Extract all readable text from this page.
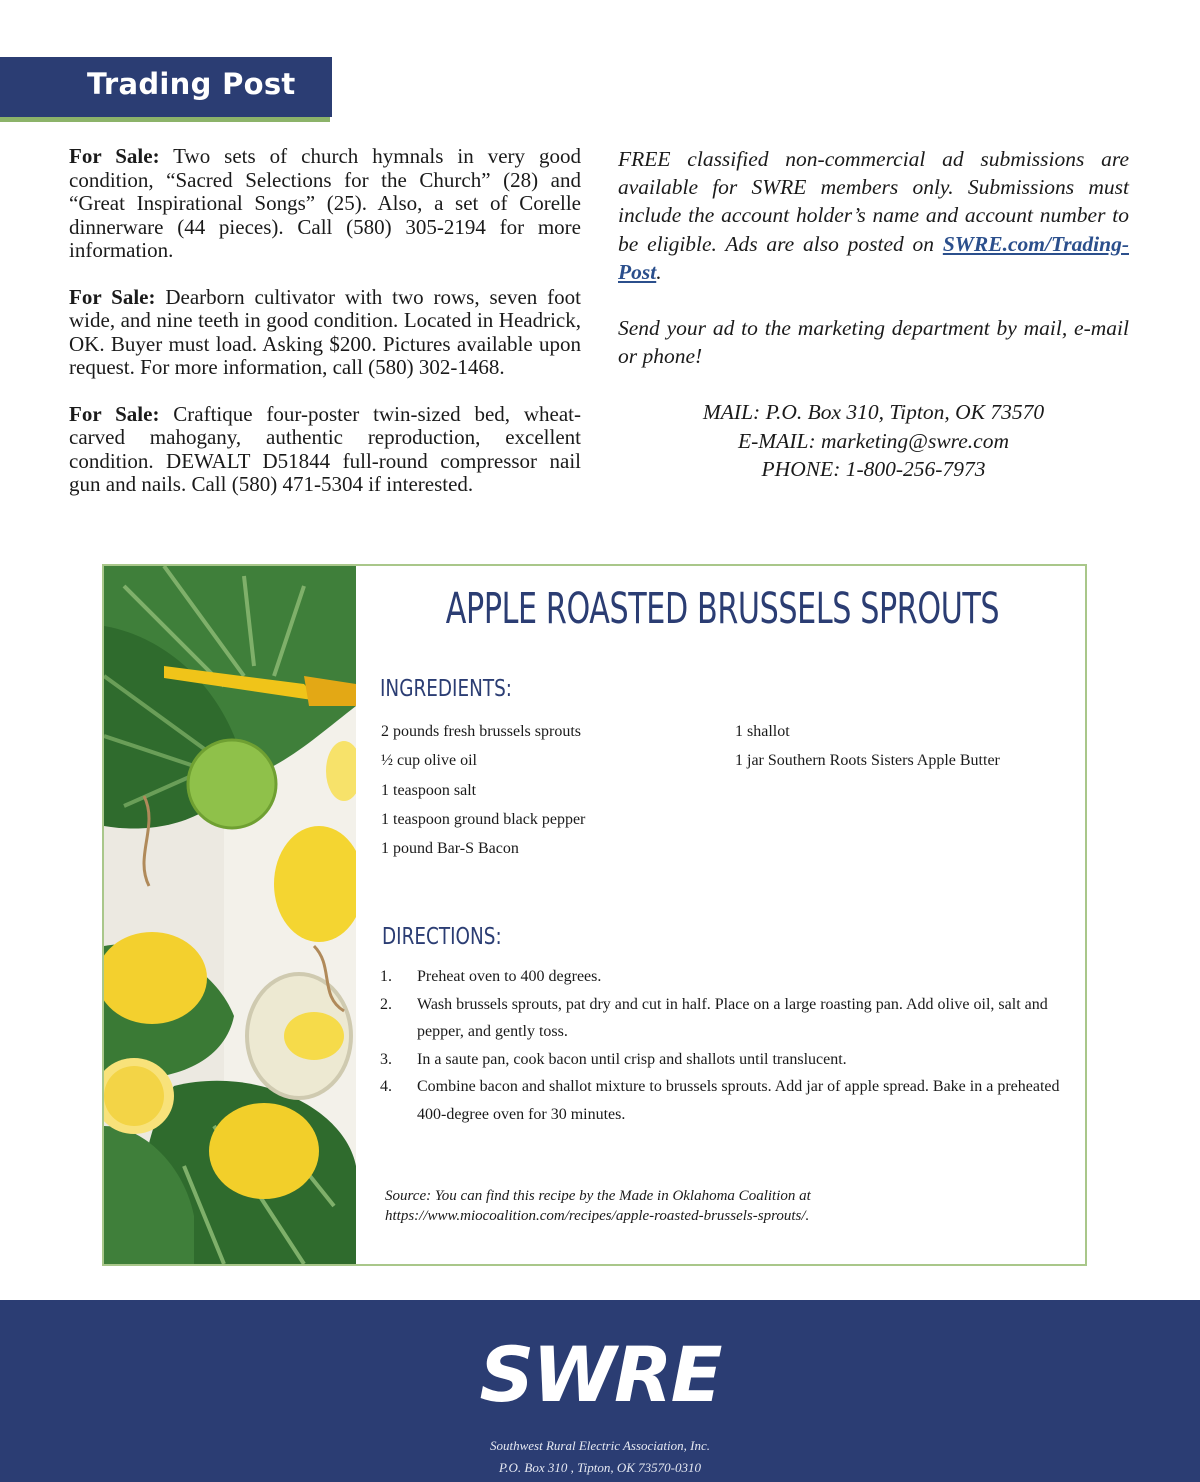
Trading Post

For Sale: Two sets of church hymnals in very good condition, “Sacred Selections for the Church” (28) and “Great Inspirational Songs” (25). Also, a set of Corelle dinnerware (44 pieces). Call (580) 305-2194 for more information.

For Sale: Dearborn cultivator with two rows, seven foot wide, and nine teeth in good condition. Located in Headrick, OK. Buyer must load. Asking $200. Pictures available upon request. For more information, call (580) 302-1468.

For Sale: Craftique four-poster twin-sized bed, wheat-carved mahogany, authentic reproduction, excellent condition. DEWALT D51844 full-round compressor nail gun and nails. Call (580) 471-5304 if interested.

FREE classified non-commercial ad submissions are available for SWRE members only. Submissions must include the account holder’s name and account number to be eligible. Ads are also posted on SWRE.com/Trading-Post.

Send your ad to the marketing department by mail, e-mail or phone!

MAIL: P.O. Box 310, Tipton, OK 73570
E-MAIL: marketing@swre.com
PHONE: 1-800-256-7973
APPLE ROASTED BRUSSELS SPROUTS
INGREDIENTS:
2 pounds fresh brussels sprouts
½ cup olive oil
1 teaspoon salt
1 teaspoon ground black pepper
1 pound Bar-S Bacon
1 shallot
1 jar Southern Roots Sisters Apple Butter
DIRECTIONS:
1.	Preheat oven to 400 degrees.
2.	Wash brussels sprouts, pat dry and cut in half. Place on a large roasting pan. Add olive oil, salt and pepper, and gently toss.
3.	In a saute pan, cook bacon until crisp and shallots until translucent.
4.	Combine bacon and shallot mixture to brussels sprouts. Add jar of apple spread. Bake in a preheated 400-degree oven for 30 minutes.
Source: You can find this recipe by the Made in Oklahoma Coalition at https://www.miocoalition.com/recipes/apple-roasted-brussels-sprouts/.
SWRE
Southwest Rural Electric Association, Inc.
P.O. Box 310 , Tipton, OK 73570-0310
